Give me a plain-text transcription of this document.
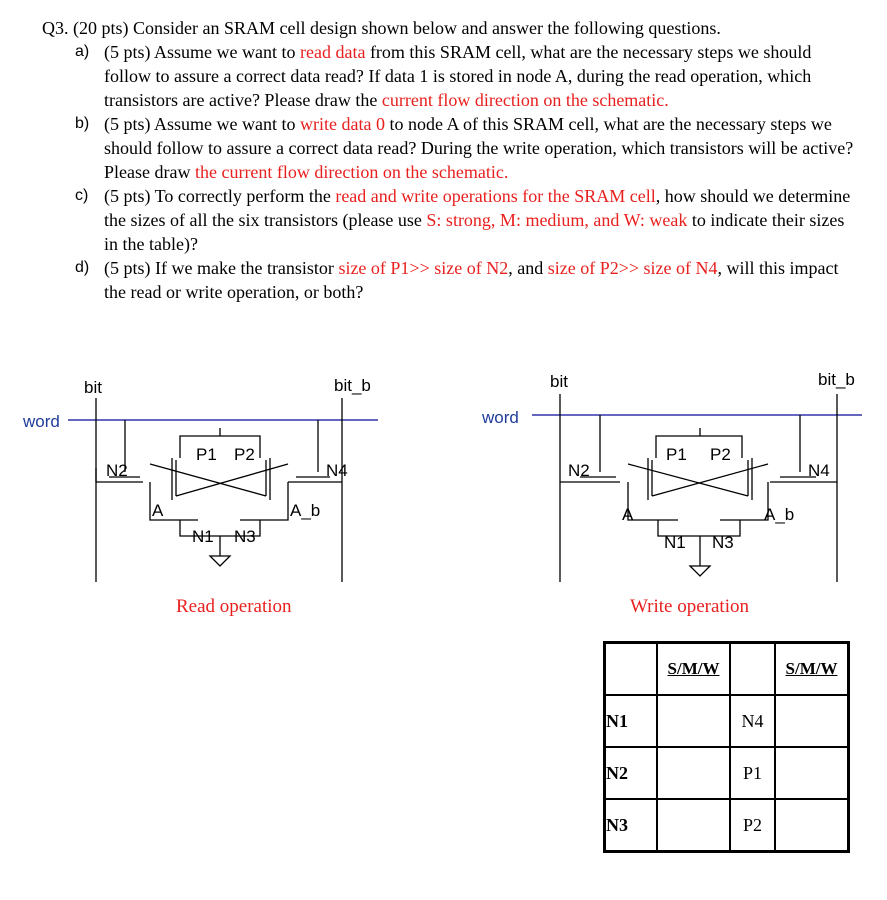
Q3. (20 pts) Consider an SRAM cell design shown below and answer the following questions.

a) (5 pts) Assume we want to read data from this SRAM cell, what are the necessary steps we should follow to assure a correct data read? If data 1 is stored in node A, during the read operation, which transistors are active? Please draw the current flow direction on the schematic.

b) (5 pts) Assume we want to write data 0 to node A of this SRAM cell, what are the necessary steps we should follow to assure a correct data read? During the write operation, which transistors will be active? Please draw the current flow direction on the schematic.

c) (5 pts) To correctly perform the read and write operations for the SRAM cell, how should we determine the sizes of all the six transistors (please use S: strong, M: medium, and W: weak to indicate their sizes in the table)?

d) (5 pts) If we make the transistor size of P1>> size of N2, and size of P2>> size of N4, will this impact the read or write operation, or both?

bit	bit_b
word
N2	N4
P1 P2
A	A_b
N1 N3
Read operation
bit	bit_b
word
N2	N4
P1 P2
A	A_b
N1 N3
Write operation
	S/M/W		S/M/W
N1		N4	
N2		P1	
N3		P2	
